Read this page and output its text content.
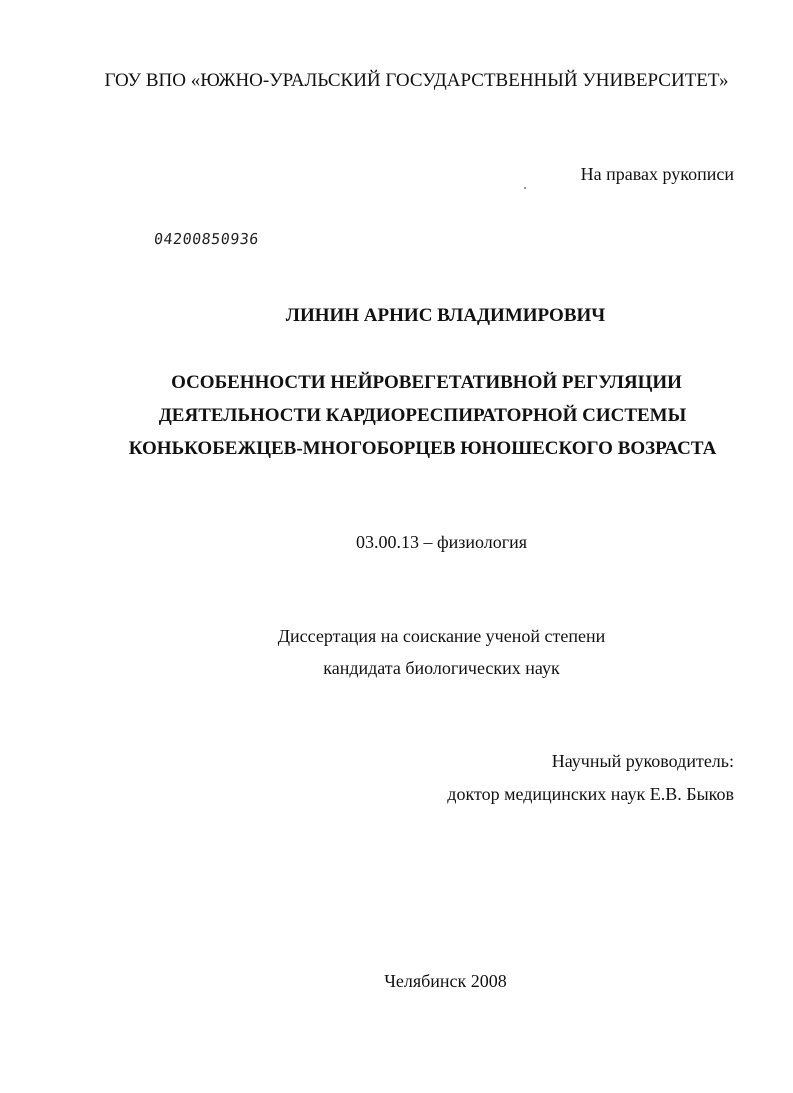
ГОУ ВПО «ЮЖНО-УРАЛЬСКИЙ ГОСУДАРСТВЕННЫЙ УНИВЕРСИТЕТ»
На правах рукописи
04200850936
ЛИНИН АРНИС ВЛАДИМИРОВИЧ
ОСОБЕННОСТИ НЕЙРОВЕГЕТАТИВНОЙ РЕГУЛЯЦИИ
ДЕЯТЕЛЬНОСТИ КАРДИОРЕСПИРАТОРНОЙ СИСТЕМЫ
КОНЬКОБЕЖЦЕВ-МНОГОБОРЦЕВ ЮНОШЕСКОГО ВОЗРАСТА
03.00.13 – физиология
Диссертация на соискание ученой степени
кандидата биологических наук
Научный руководитель:
доктор медицинских наук Е.В. Быков
Челябинск 2008
